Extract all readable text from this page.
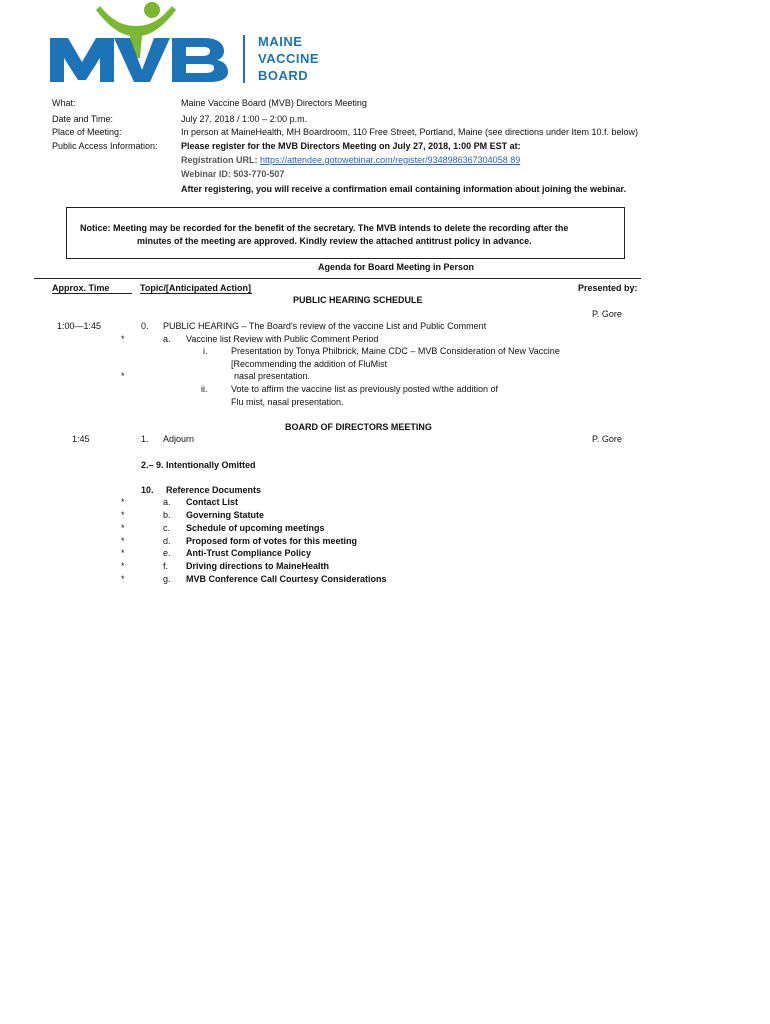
MAINE
VACCINE
BOARD
What:	Maine Vaccine Board (MVB) Directors Meeting
Date and Time:	July 27, 2018 / 1:00 – 2:00 p.m.
Place of Meeting:	In person at MaineHealth, MH Boardroom, 110 Free Street, Portland, Maine (see directions under Item 10.f. below)
Public Access Information:	Please register for the MVB Directors Meeting on July 27, 2018, 1:00 PM EST at:
Registration URL: https://attendee.gotowebinar.com/register/9348986367304058 89
Webinar ID: 503-770-507
After registering, you will receive a confirmation email containing information about joining the webinar.
Notice: Meeting may be recorded for the benefit of the secretary. The MVB intends to delete the recording after the
minutes of the meeting are approved. Kindly review the attached antitrust policy in advance.
Agenda for Board Meeting in Person
Approx. Time	Topic/[Anticipated Action]	Presented by:
PUBLIC HEARING SCHEDULE
P. Gore
1:00—1:45	0. PUBLIC HEARING – The Board's review of the vaccine List and Public Comment
*	a. Vaccine list Review with Public Comment Period
i.	Presentation by Tonya Philbrick, Maine CDC – MVB Consideration of New Vaccine
[Recommending the addition of FluMist
*	nasal presentation.
ii.	Vote to affirm the vaccine list as previously posted w/the addition of
Flu mist, nasal presentation.
BOARD OF DIRECTORS MEETING
1:45	1. Adjourn	P. Gore
2.– 9. Intentionally Omitted
10. Reference Documents
*	a. Contact List
*	b. Governing Statute
*	c. Schedule of upcoming meetings
*	d. Proposed form of votes for this meeting
*	e. Anti-Trust Compliance Policy
*	f. Driving directions to MaineHealth
*	g. MVB Conference Call Courtesy Considerations
